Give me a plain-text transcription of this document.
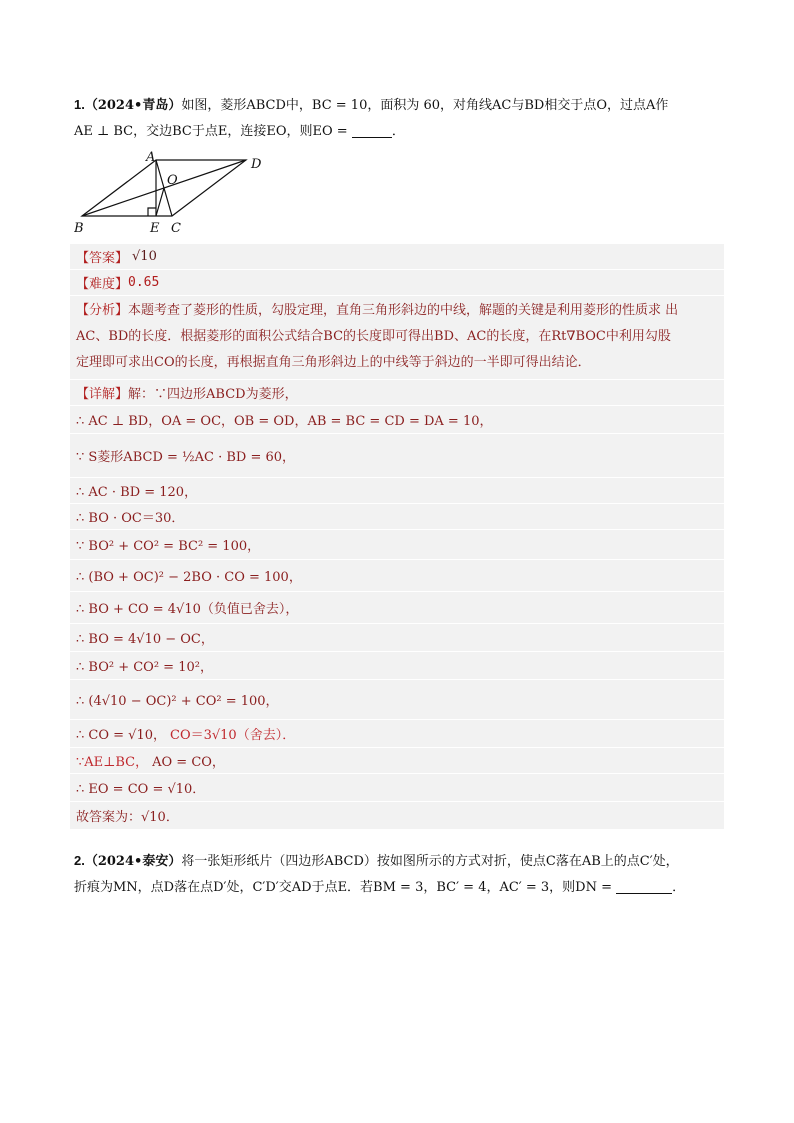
1.（2024•青岛）如图，菱形ABCD中，BC = 10，面积为 60，对角线AC与BD相交于点O，过点A作
AE ⊥ BC，交边BC于点E，连接EO，则EO =	．
A
B	C
D
E
O
【答案】 √10
【难度】 0.65
【分析】本题考查了菱形的性质，勾股定理，直角三角形斜边的中线，解题的关键是利用菱形的性质求 出
AC、BD的长度．根据菱形的面积公式结合BC的长度即可得出BD、AC的长度，在Rt∇BOC中利用勾股
定理即可求出CO的长度，再根据直角三角形斜边上的中线等于斜边的一半即可得出结论．
【详解】 解：∵四边形ABCD为菱形，
∴ AC ⊥ BD，OA = OC，OB = OD，AB = BC = CD = DA = 10，
∵ S菱形ABCD = ½AC · BD = 60，
∴ AC · BD = 120，
∴ BO · OC＝30．
∵ BO² + CO² = BC² = 100，
∴ (BO + OC)² − 2BO · CO = 100，
∴ BO + CO = 4√10（负值已舍去），
∴ BO = 4√10 − OC，
∴ BO² + CO² = 10²，
∴ (4√10 − OC)² + CO² = 100，
∴ CO = √10， CO＝3√10（舍去）．
∵AE⊥BC， AO = CO，
∴ EO = CO = √10．
故答案为：√10．
2.（2024•泰安）将一张矩形纸片（四边形ABCD）按如图所示的方式对折，使点C落在AB上的点C′处，
折痕为MN，点D落在点D′处，C′D′交AD于点E．若BM = 3，BC′ = 4，AC′ = 3，则DN =	．
